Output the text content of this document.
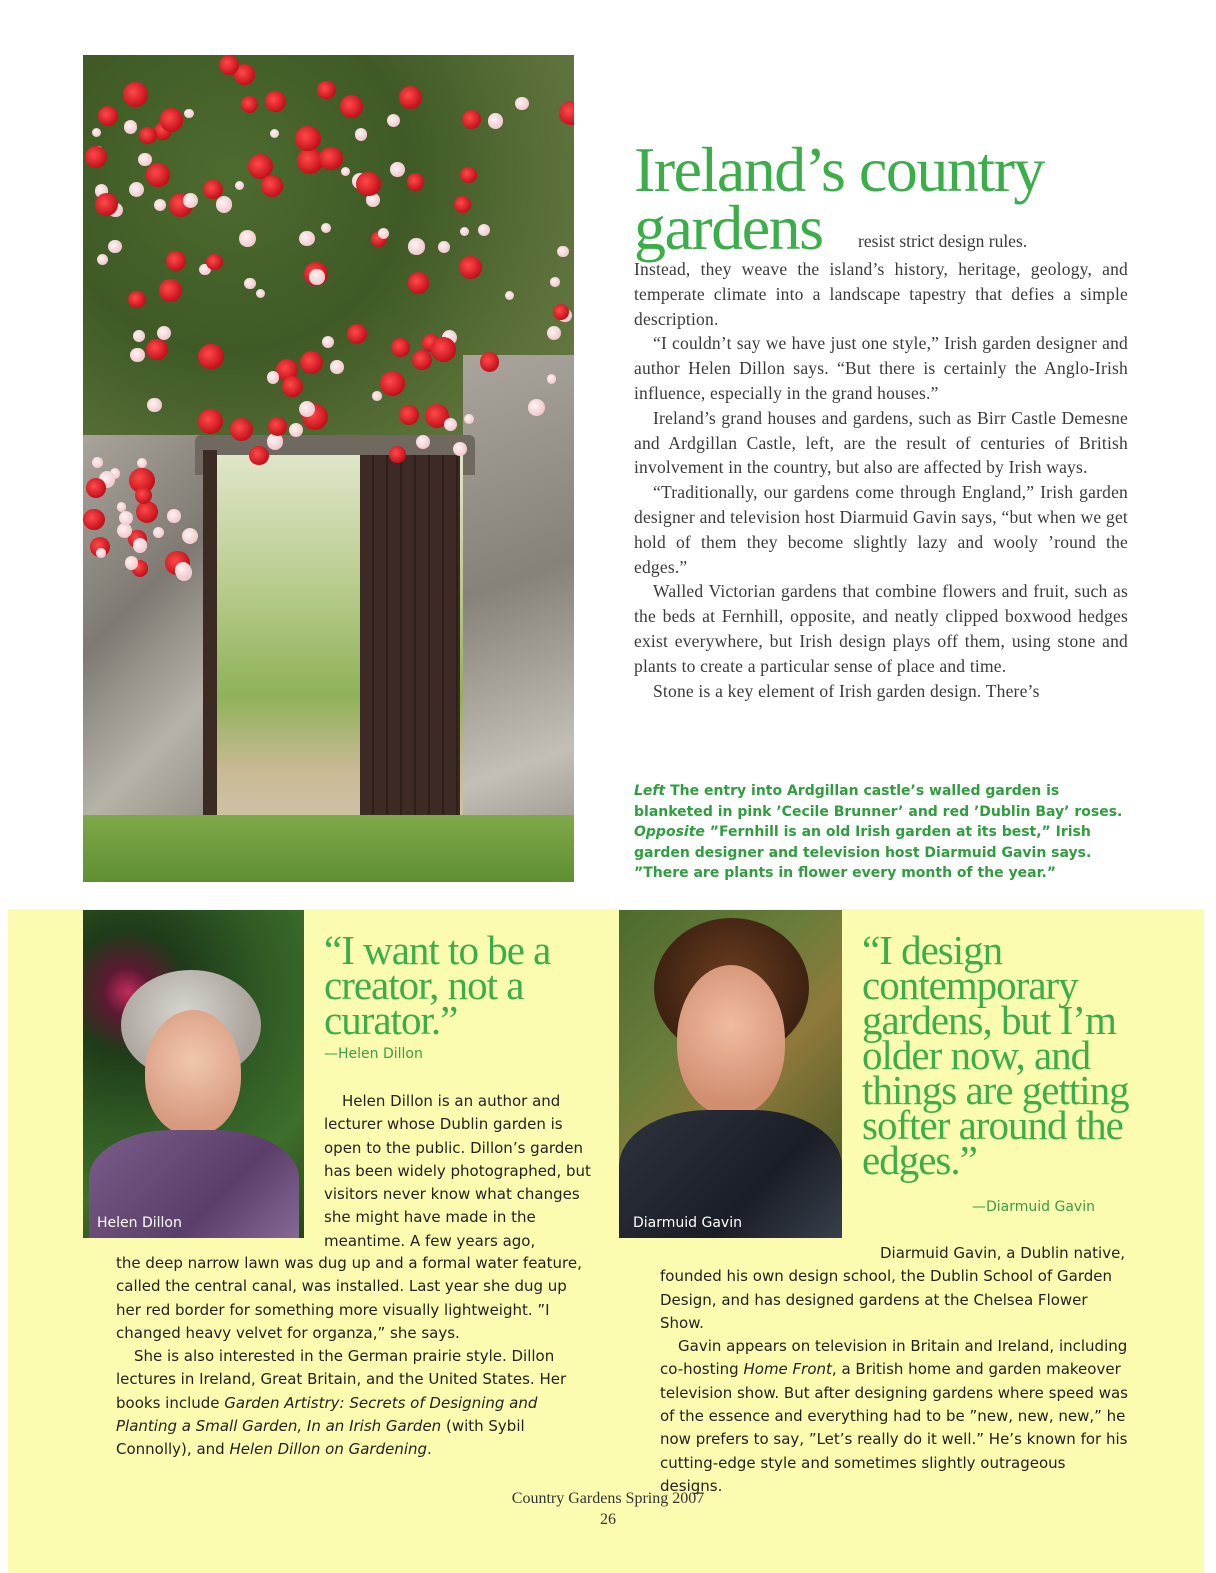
Ireland’s country
gardens resist strict design rules.

Instead, they weave the island’s history, heritage, geology, and temperate climate into a landscape tapestry that defies a simple description.

“I couldn’t say we have just one style,” Irish garden designer and author Helen Dillon says. “But there is certainly the Anglo-Irish influence, especially in the grand houses.”

Ireland’s grand houses and gardens, such as Birr Castle Demesne and Ardgillan Castle, left, are the result of centuries of British involvement in the country, but also are affected by Irish ways.

“Traditionally, our gardens come through England,” Irish garden designer and television host Diarmuid Gavin says, “but when we get hold of them they become slightly lazy and wooly ’round the edges.”

Walled Victorian gardens that combine flowers and fruit, such as the beds at Fernhill, opposite, and neatly clipped boxwood hedges exist everywhere, but Irish design plays off them, using stone and plants to create a particular sense of place and time.

Stone is a key element of Irish garden design. There’s

Left The entry into Ardgillan castle’s walled garden is blanketed in pink ’Cecile Brunner’ and red ’Dublin Bay’ roses. Opposite ”Fernhill is an old Irish garden at its best,” Irish garden designer and television host Diarmuid Gavin says. ”There are plants in flower every month of the year.”
Helen Dillon
“I want to be a creator, not a curator.”
—Helen Dillon

Helen Dillon is an author and lecturer whose Dublin garden is open to the public. Dillon’s garden has been widely photographed, but visitors never know what changes she might have made in the meantime. A few years ago,

the deep narrow lawn was dug up and a formal water feature, called the central canal, was installed. Last year she dug up her red border for something more visually lightweight. ”I changed heavy velvet for organza,” she says.

She is also interested in the German prairie style. Dillon lectures in Ireland, Great Britain, and the United States. Her books include Garden Artistry: Secrets of Designing and Planting a Small Garden, In an Irish Garden (with Sybil Connolly), and Helen Dillon on Gardening.

Diarmuid Gavin
“I design contemporary gardens, but I’m older now, and things are getting softer around the edges.”
—Diarmuid Gavin

Diarmuid Gavin, a Dublin native, founded his own design school, the Dublin School of Garden Design, and has designed gardens at the Chelsea Flower Show.

Gavin appears on television in Britain and Ireland, including co-hosting Home Front, a British home and garden makeover television show. But after designing gardens where speed was of the essence and everything had to be ”new, new, new,” he now prefers to say, ”Let’s really do it well.” He’s known for his cutting-edge style and sometimes slightly outrageous designs.

Country Gardens Spring 2007
26
